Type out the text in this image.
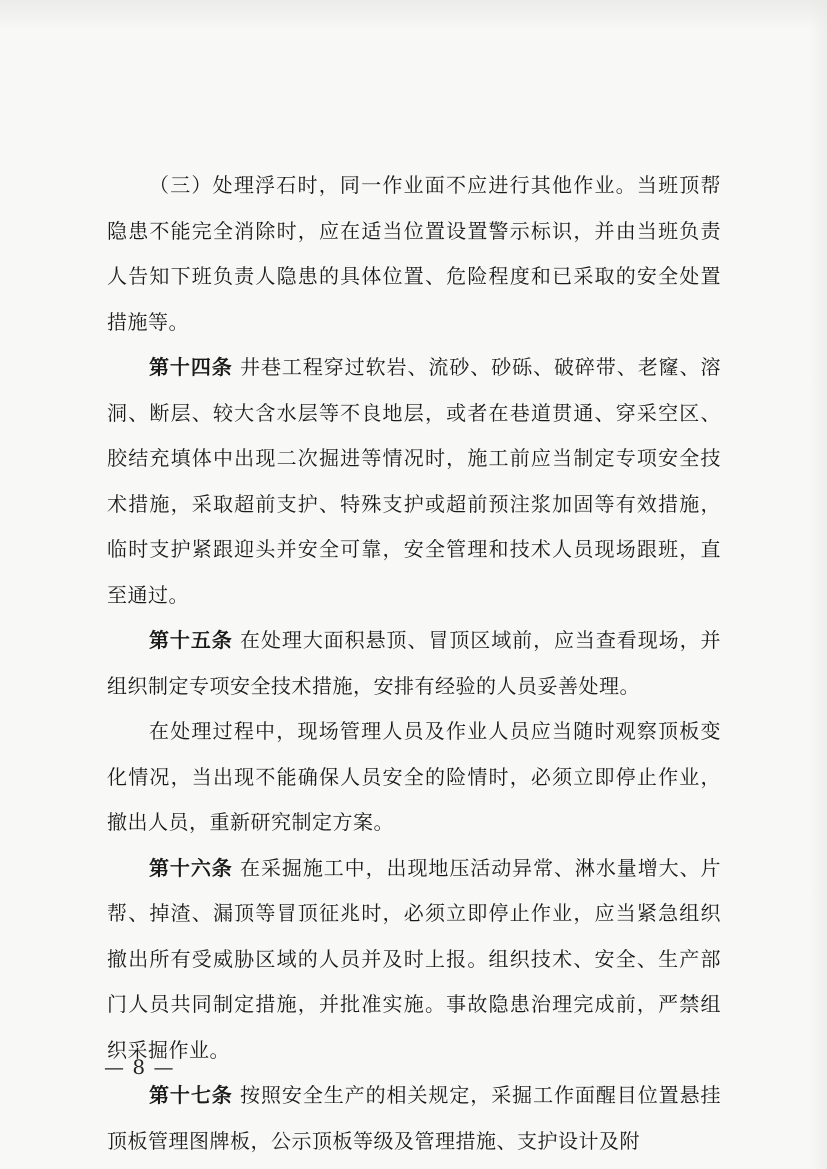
（三）处理浮石时，同一作业面不应进行其他作业。当班顶帮隐患不能完全消除时，应在适当位置设置警示标识，并由当班负责人告知下班负责人隐患的具体位置、危险程度和已采取的安全处置措施等。

第十四条 井巷工程穿过软岩、流砂、砂砾、破碎带、老窿、溶洞、断层、较大含水层等不良地层，或者在巷道贯通、穿采空区、胶结充填体中出现二次掘进等情况时，施工前应当制定专项安全技术措施，采取超前支护、特殊支护或超前预注浆加固等有效措施，临时支护紧跟迎头并安全可靠，安全管理和技术人员现场跟班，直至通过。

第十五条 在处理大面积悬顶、冒顶区域前，应当查看现场，并组织制定专项安全技术措施，安排有经验的人员妥善处理。

在处理过程中，现场管理人员及作业人员应当随时观察顶板变化情况，当出现不能确保人员安全的险情时，必须立即停止作业，撤出人员，重新研究制定方案。

第十六条 在采掘施工中，出现地压活动异常、淋水量增大、片帮、掉渣、漏顶等冒顶征兆时，必须立即停止作业，应当紧急组织撤出所有受威胁区域的人员并及时上报。组织技术、安全、生产部门人员共同制定措施，并批准实施。事故隐患治理完成前，严禁组织采掘作业。

第十七条 按照安全生产的相关规定，采掘工作面醒目位置悬挂顶板管理图牌板，公示顶板等级及管理措施、支护设计及附

— 8 —
